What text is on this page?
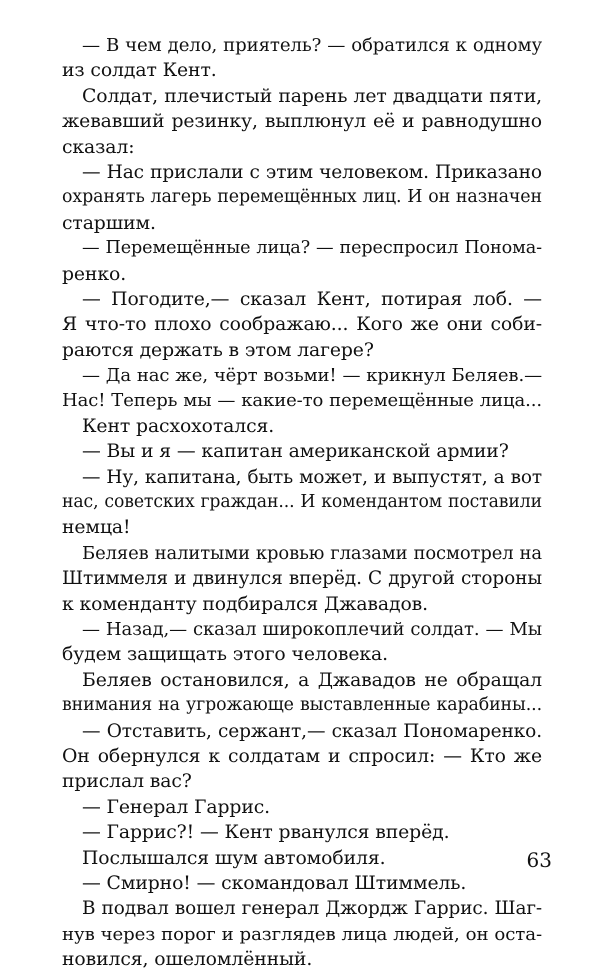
— В чем дело, приятель? — обратился к одному
из солдат Кент.
Солдат, плечистый парень лет двадцати пяти,
жевавший резинку, выплюнул её и равнодушно
сказал:
— Нас прислали с этим человеком. Приказано
охранять лагерь перемещённых лиц. И он назначен
старшим.
— Перемещённые лица? — переспросил Понома-
ренко.
— Погодите,— сказал Кент, потирая лоб. —
Я что-то плохо соображаю... Кого же они соби-
раются держать в этом лагере?
— Да нас же, чёрт возьми! — крикнул Беляев.—
Нас! Теперь мы — какие-то перемещённые лица...
Кент расхохотался.
— Вы и я — капитан американской армии?
— Ну, капитана, быть может, и выпустят, а вот
нас, советских граждан... И комендантом поставили
немца!
Беляев налитыми кровью глазами посмотрел на
Штиммеля и двинулся вперёд. С другой стороны
к коменданту подбирался Джавадов.
— Назад,— сказал широкоплечий солдат. — Мы
будем защищать этого человека.
Беляев остановился, а Джавадов не обращал
внимания на угрожающе выставленные карабины...
— Отставить, сержант,— сказал Пономаренко.
Он обернулся к солдатам и спросил: — Кто же
прислал вас?
— Генерал Гаррис.
— Гаррис?! — Кент рванулся вперёд.
Послышался шум автомобиля.
— Смирно! — скомандовал Штиммель.
В подвал вошел генерал Джордж Гаррис. Шаг-
нув через порог и разглядев лица людей, он оста-
новился, ошеломлённый.
63
